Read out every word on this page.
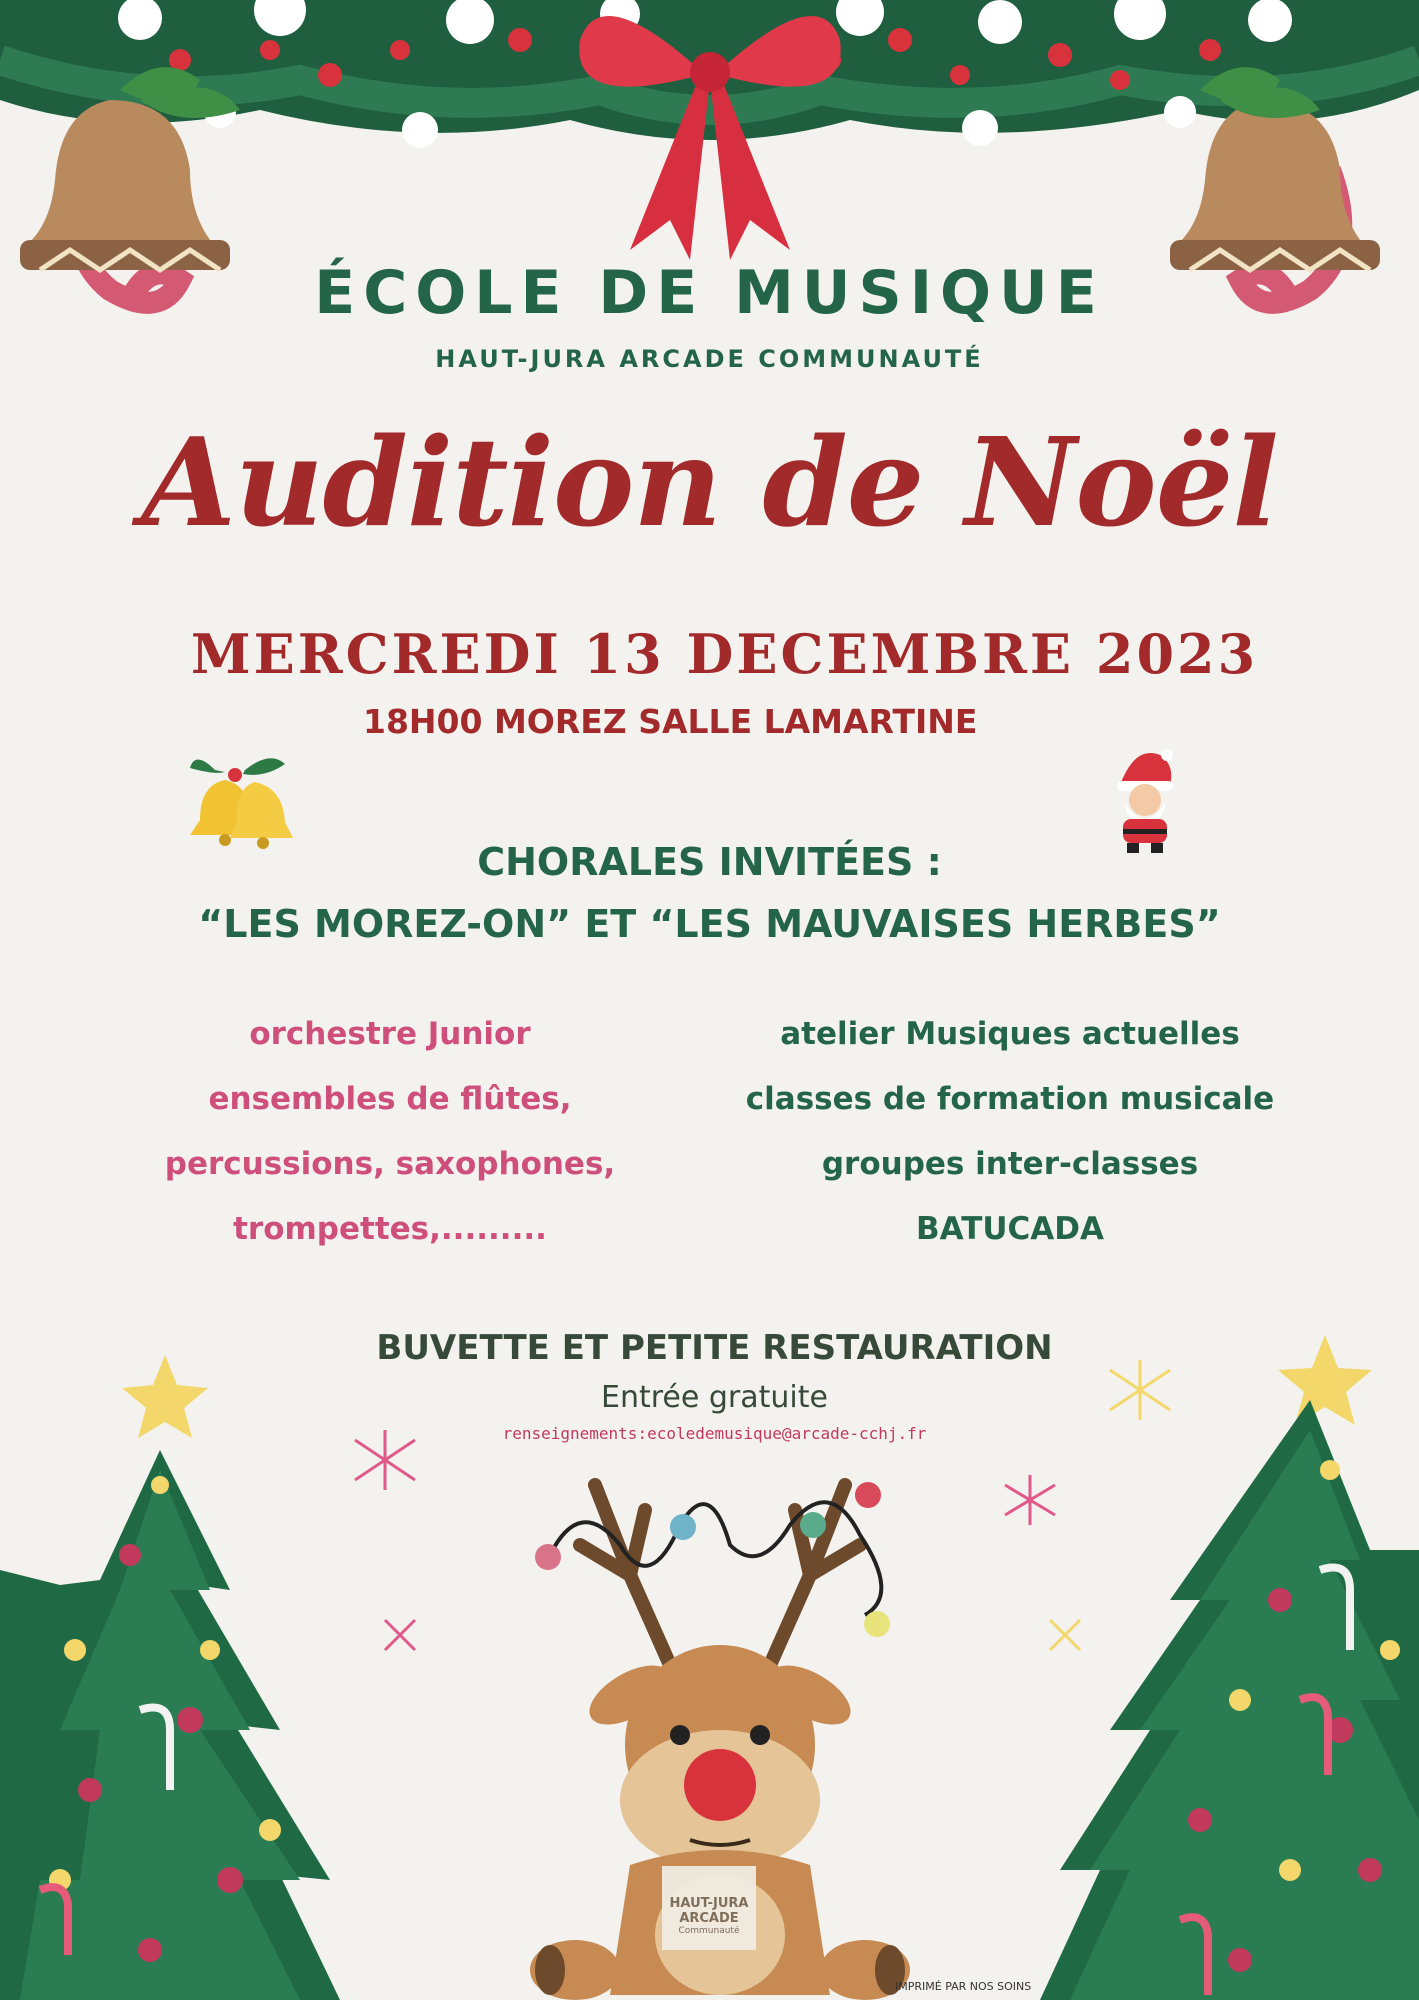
ÉCOLE DE MUSIQUE
HAUT-JURA ARCADE COMMUNAUTÉ
Audition de Noël
MERCREDI 13 DECEMBRE 2023
18H00 MOREZ SALLE LAMARTINE
CHORALES INVITÉES :
“LES MOREZ-ON” ET “LES MAUVAISES HERBES”
orchestre Junior
ensembles de flûtes,
percussions, saxophones,
trompettes,.........
atelier Musiques actuelles
classes de formation musicale
groupes inter-classes
BATUCADA
BUVETTE ET PETITE RESTAURATION
Entrée gratuite
renseignements:ecoledemusique@arcade-cchj.fr
HAUT-JURA
ARCADE
Communauté
IMPRIMÉ PAR NOS SOINS
